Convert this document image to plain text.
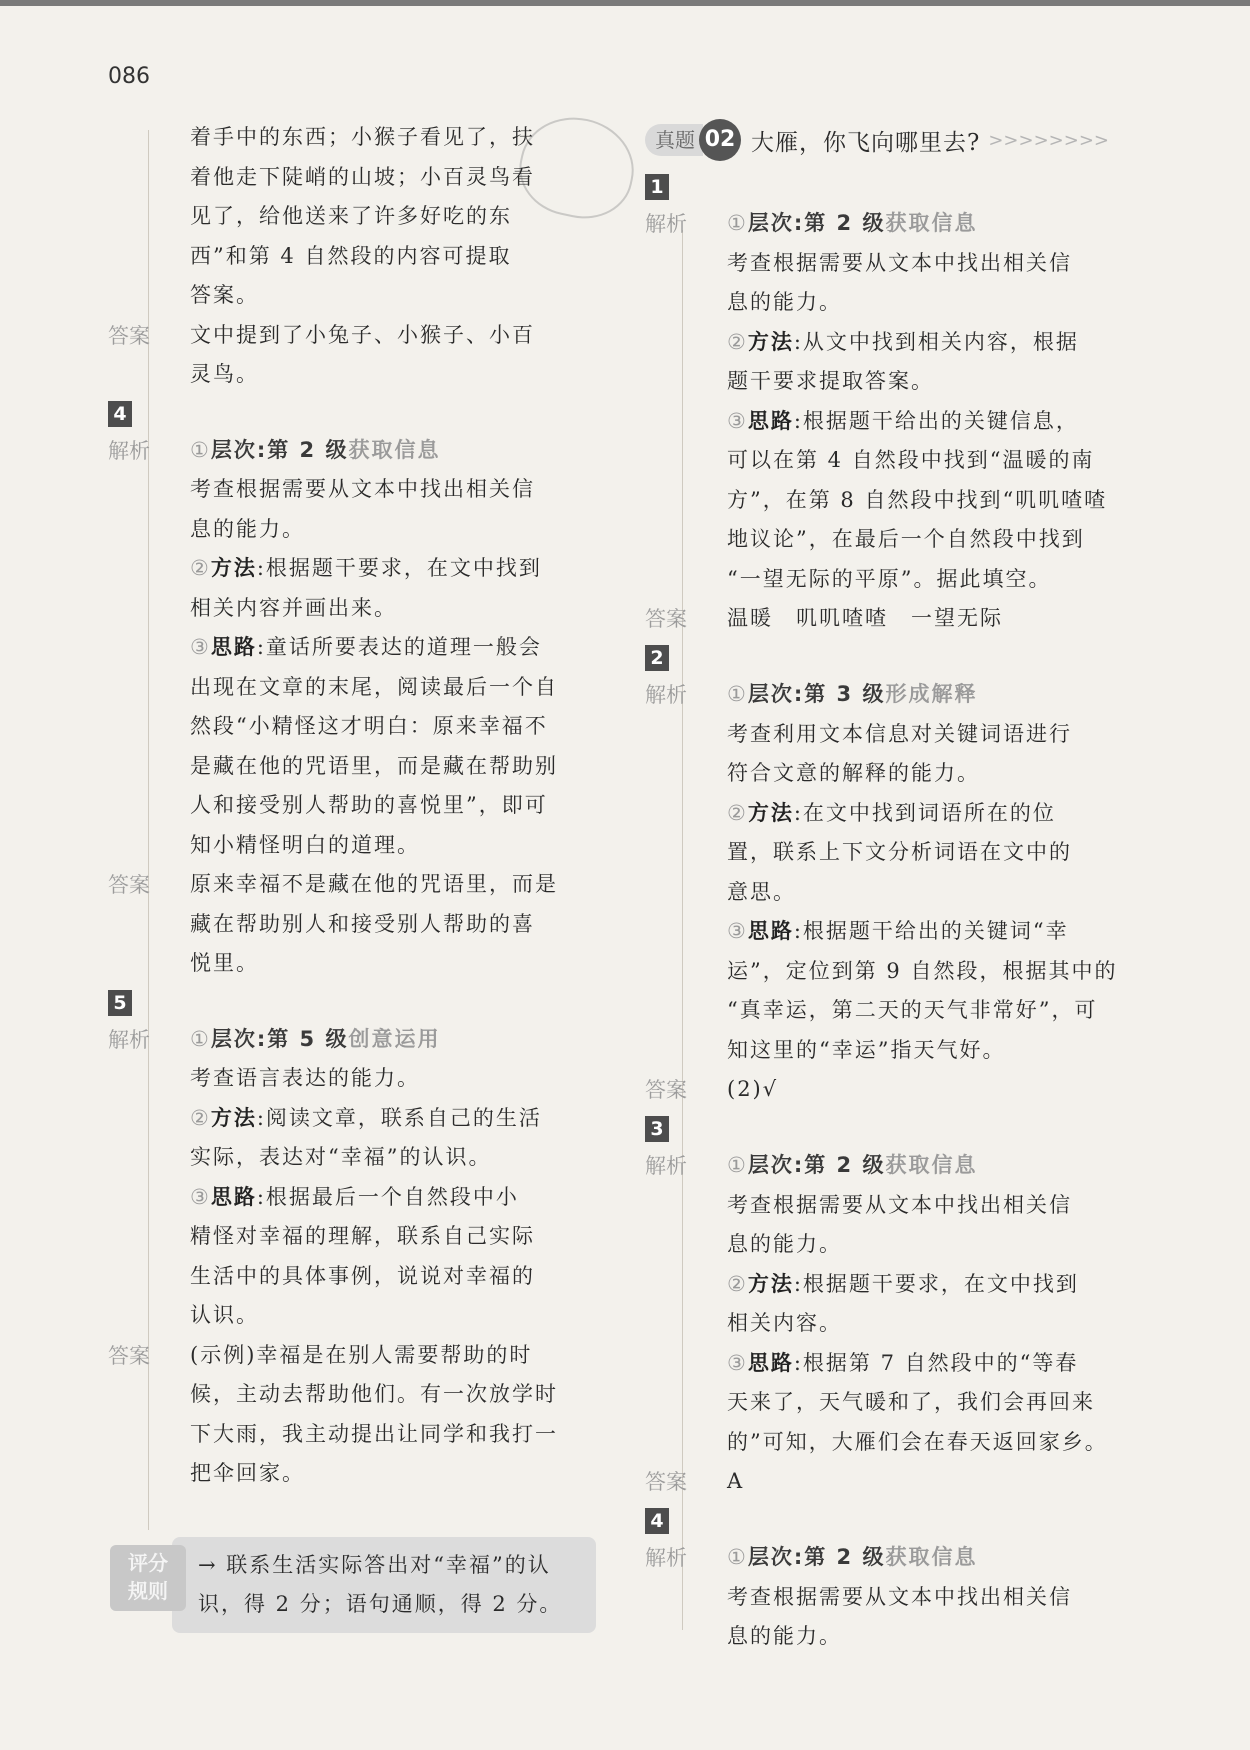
086
着手中的东西；小猴子看见了，扶
着他走下陡峭的山坡；小百灵鸟看
见了，给他送来了许多好吃的东
西”和第 4 自然段的内容可提取
答案。
答案	文中提到了小兔子、小猴子、小百
灵鸟。
4
解析	①层次:第 2 级获取信息
考查根据需要从文本中找出相关信
息的能力。
②方法:根据题干要求，在文中找到
相关内容并画出来。
③思路:童话所要表达的道理一般会
出现在文章的末尾，阅读最后一个自
然段“小精怪这才明白：原来幸福不
是藏在他的咒语里，而是藏在帮助别
人和接受别人帮助的喜悦里”，即可
知小精怪明白的道理。
答案	原来幸福不是藏在他的咒语里，而是
藏在帮助别人和接受别人帮助的喜
悦里。
5
解析	①层次:第 5 级创意运用
考查语言表达的能力。
②方法:阅读文章，联系自己的生活
实际，表达对“幸福”的认识。
③思路:根据最后一个自然段中小
精怪对幸福的理解，联系自己实际
生活中的具体事例，说说对幸福的
认识。
答案	(示例)幸福是在别人需要帮助的时
候，主动去帮助他们。有一次放学时
下大雨，我主动提出让同学和我打一
把伞回家。
真题 02 大雁，你飞向哪里去? >>>>>>>>
1
解析	①层次:第 2 级获取信息
考查根据需要从文本中找出相关信
息的能力。
②方法:从文中找到相关内容，根据
题干要求提取答案。
③思路:根据题干给出的关键信息，
可以在第 4 自然段中找到“温暖的南
方”，在第 8 自然段中找到“叽叽喳喳
地议论”，在最后一个自然段中找到
“一望无际的平原”。据此填空。
答案	温暖　叽叽喳喳　一望无际
2
解析	①层次:第 3 级形成解释
考查利用文本信息对关键词语进行
符合文意的解释的能力。
②方法:在文中找到词语所在的位
置，联系上下文分析词语在文中的
意思。
③思路:根据题干给出的关键词“幸
运”，定位到第 9 自然段，根据其中的
“真幸运，第二天的天气非常好”，可
知这里的“幸运”指天气好。
答案	(2)√
3
解析	①层次:第 2 级获取信息
考查根据需要从文本中找出相关信
息的能力。
②方法:根据题干要求，在文中找到
相关内容。
③思路:根据第 7 自然段中的“等春
天来了，天气暖和了，我们会再回来
的”可知，大雁们会在春天返回家乡。
答案	A
4
解析	①层次:第 2 级获取信息
考查根据需要从文本中找出相关信
息的能力。
评分
规则
→ 联系生活实际答出对“幸福”的认
识，得 2 分；语句通顺，得 2 分。
